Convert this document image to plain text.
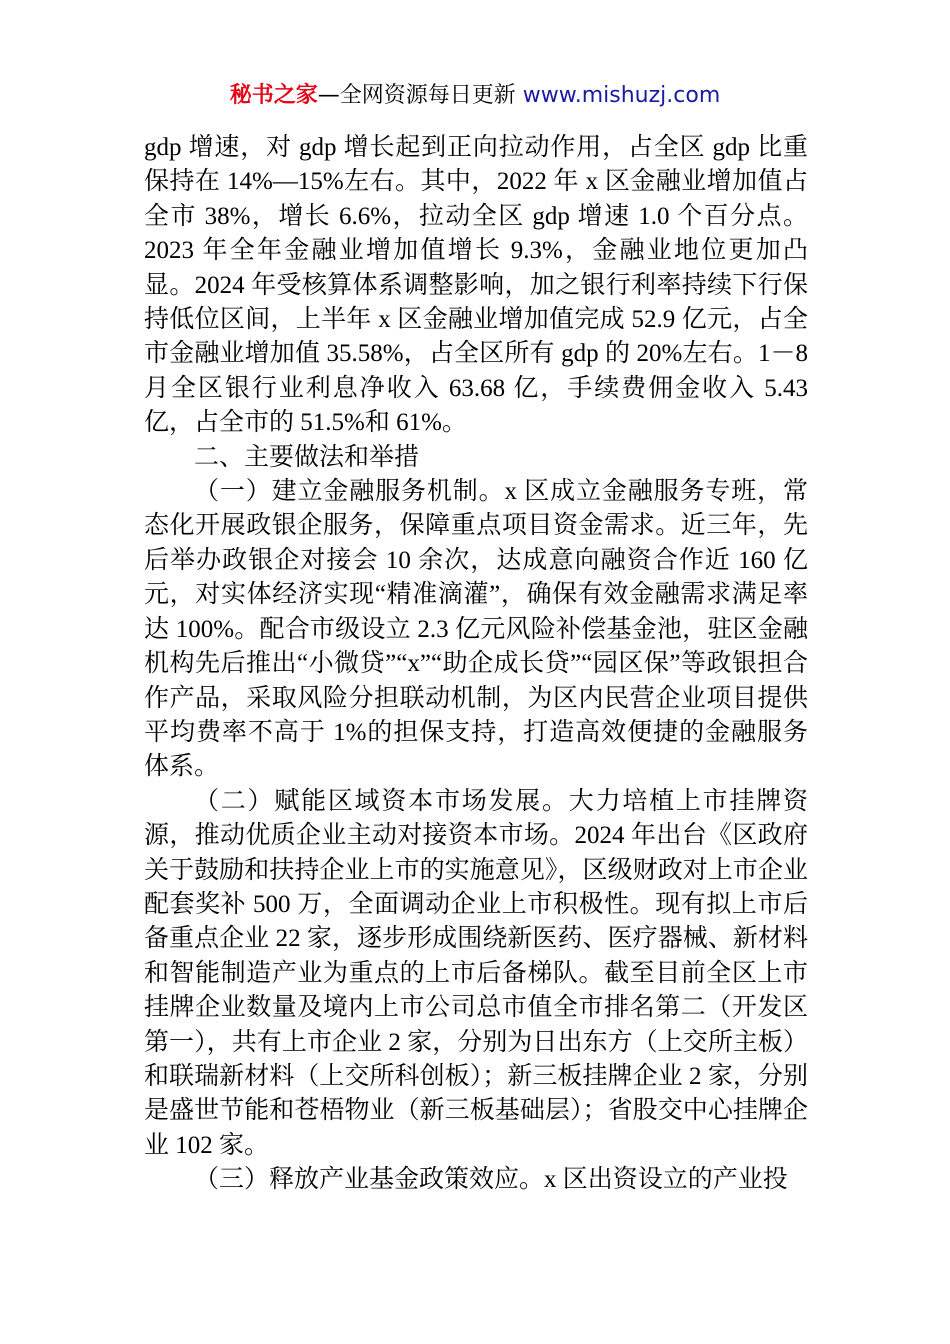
秘书之家—全网资源每日更新 www.mishuzj.com

gdp 增速，对 gdp 增长起到正向拉动作用，占全区 gdp 比重保持在 14%—15%左右。其中，2022 年 x 区金融业增加值占全市 38%，增长 6.6%，拉动全区 gdp 增速 1.0 个百分点。2023 年全年金融业增加值增长 9.3%，金融业地位更加凸显。2024 年受核算体系调整影响，加之银行利率持续下行保持低位区间，上半年 x 区金融业增加值完成 52.9 亿元，占全市金融业增加值 35.58%，占全区所有 gdp 的 20%左右。1－8 月全区银行业利息净收入 63.68 亿，手续费佣金收入 5.43 亿，占全市的 51.5%和 61%。

二、主要做法和举措

（一）建立金融服务机制。x 区成立金融服务专班，常态化开展政银企服务，保障重点项目资金需求。近三年，先后举办政银企对接会 10 余次，达成意向融资合作近 160 亿元，对实体经济实现“精准滴灌”，确保有效金融需求满足率达 100%。配合市级设立 2.3 亿元风险补偿基金池，驻区金融机构先后推出“小微贷”“x”“助企成长贷”“园区保”等政银担合作产品，采取风险分担联动机制，为区内民营企业项目提供平均费率不高于 1%的担保支持，打造高效便捷的金融服务体系。

（二）赋能区域资本市场发展。大力培植上市挂牌资源，推动优质企业主动对接资本市场。2024 年出台《区政府关于鼓励和扶持企业上市的实施意见》，区级财政对上市企业配套奖补 500 万，全面调动企业上市积极性。现有拟上市后备重点企业 22 家，逐步形成围绕新医药、医疗器械、新材料和智能制造产业为重点的上市后备梯队。截至目前全区上市挂牌企业数量及境内上市公司总市值全市排名第二（开发区第一），共有上市企业 2 家，分别为日出东方（上交所主板）和联瑞新材料（上交所科创板）；新三板挂牌企业 2 家，分别是盛世节能和苍梧物业（新三板基础层）；省股交中心挂牌企业 102 家。

（三）释放产业基金政策效应。x 区出资设立的产业投
